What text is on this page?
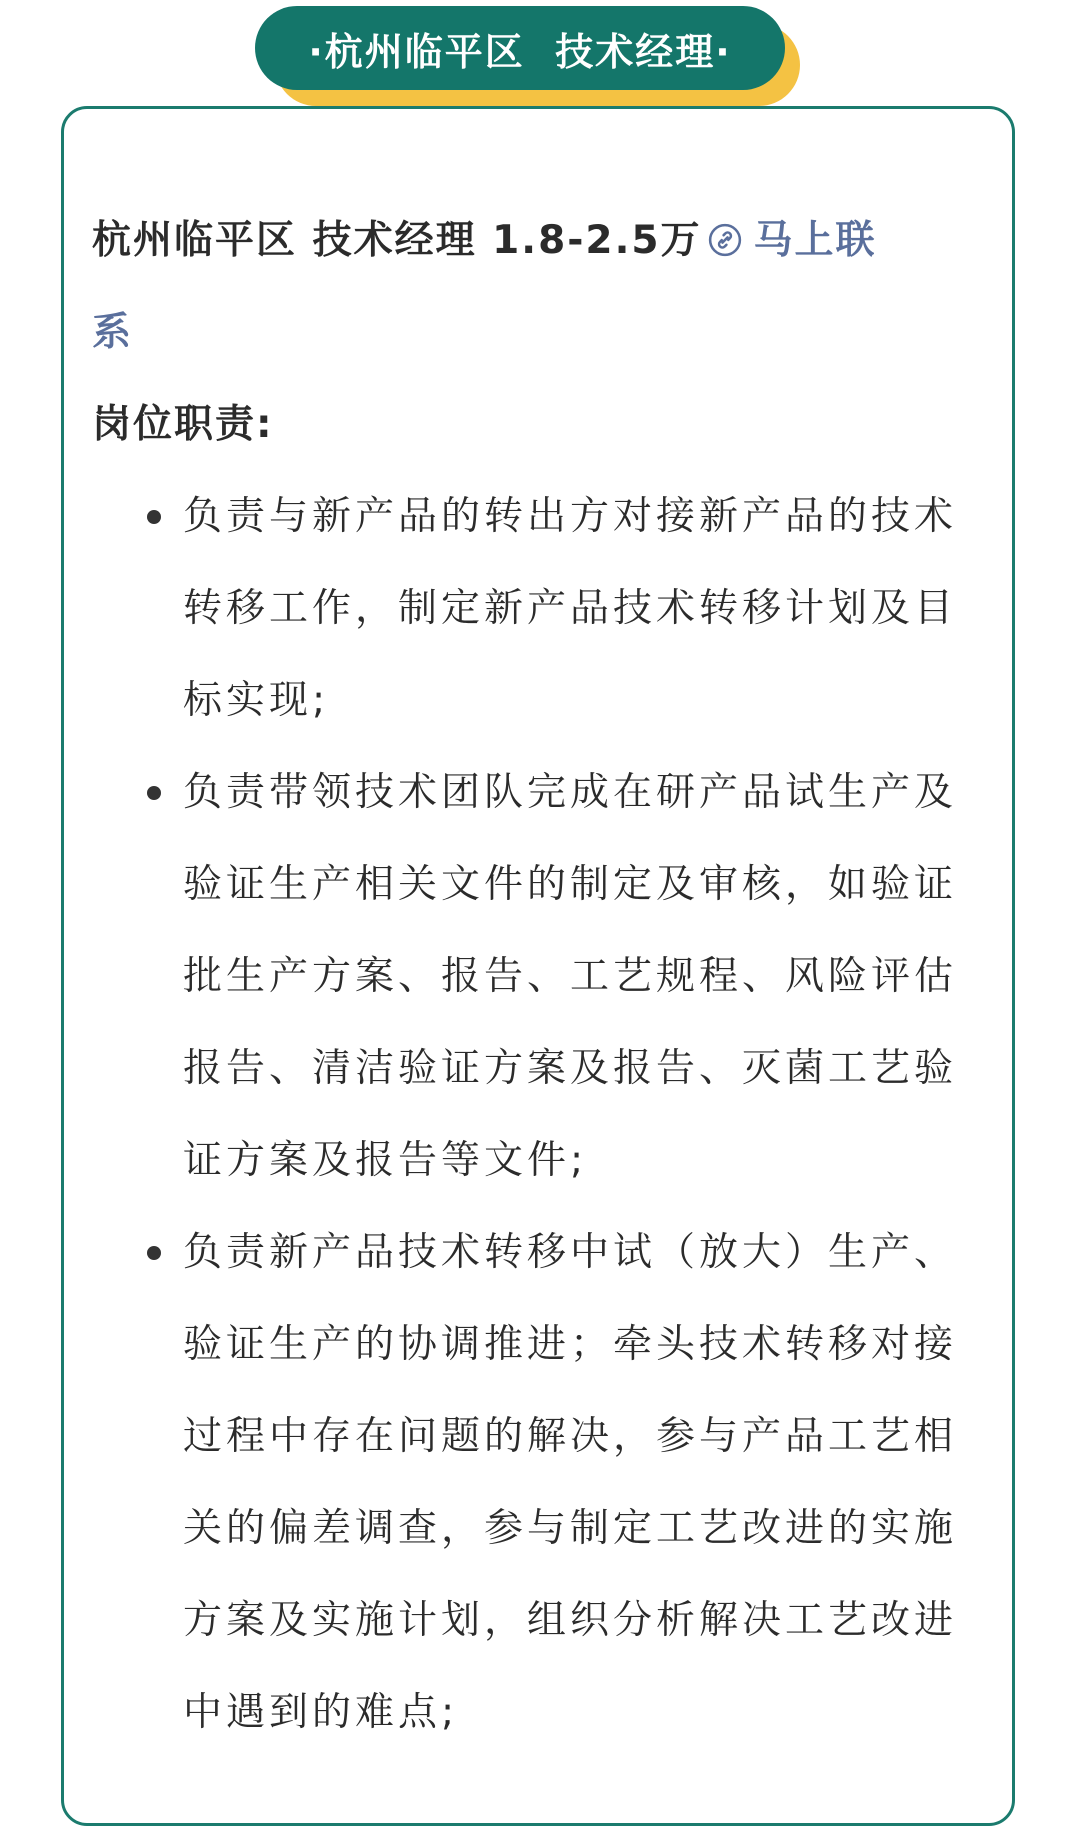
·杭州临平区  技术经理·
杭州临平区 技术经理 1.8-2.5万 马上联
系
岗位职责:
负责与新产品的转出方对接新产品的技术
转移工作，制定新产品技术转移计划及目
标实现;
负责带领技术团队完成在研产品试生产及
验证生产相关文件的制定及审核，如验证
批生产方案、报告、工艺规程、风险评估
报告、清洁验证方案及报告、灭菌工艺验
证方案及报告等文件;
负责新产品技术转移中试（放大）生产、
验证生产的协调推进；牵头技术转移对接
过程中存在问题的解决，参与产品工艺相
关的偏差调查，参与制定工艺改进的实施
方案及实施计划，组织分析解决工艺改进
中遇到的难点;
